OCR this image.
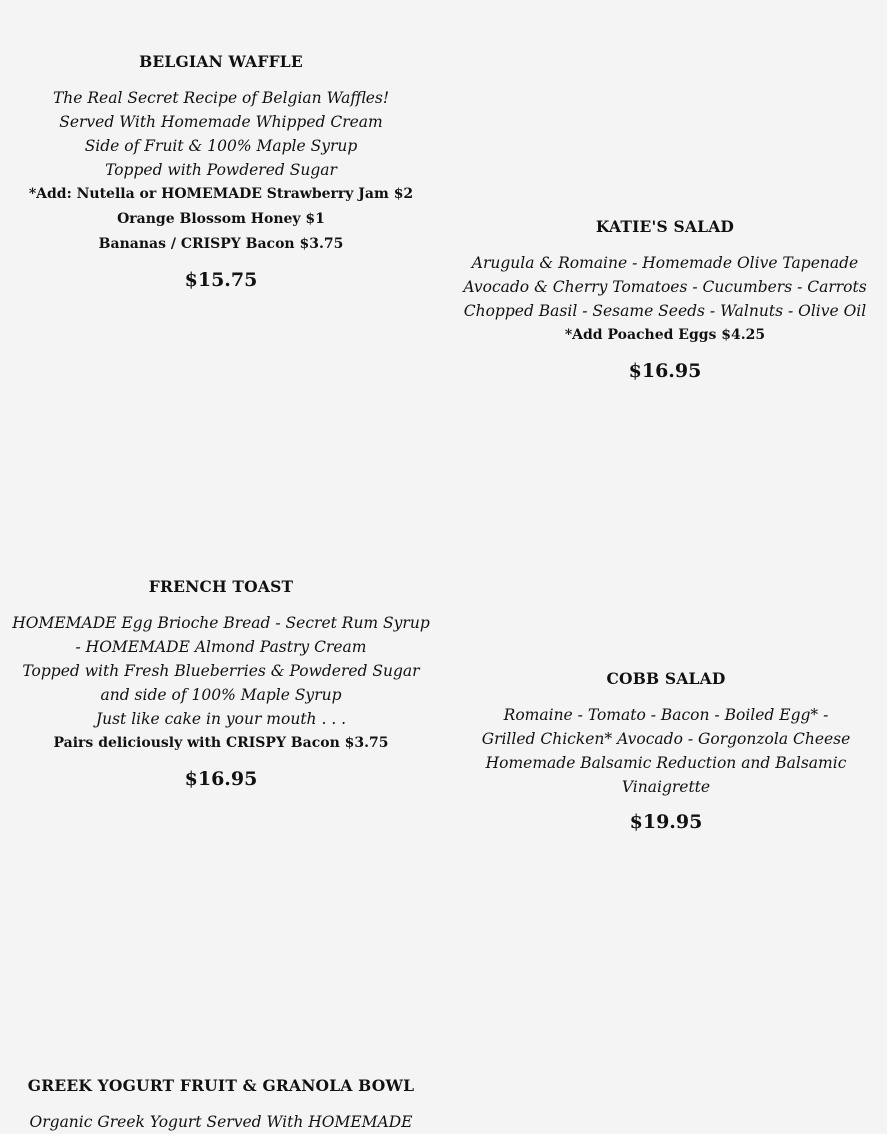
BELGIAN WAFFLE
The Real Secret Recipe of Belgian Waffles!
Served With Homemade Whipped Cream
Side of Fruit & 100% Maple Syrup
Topped with Powdered Sugar
*Add: Nutella or HOMEMADE Strawberry Jam $2
Orange Blossom Honey $1
Bananas / CRISPY Bacon $3.75
$15.75
KATIE'S SALAD
Arugula & Romaine - Homemade Olive Tapenade
Avocado & Cherry Tomatoes - Cucumbers - Carrots
Chopped Basil - Sesame Seeds - Walnuts - Olive Oil
*Add Poached Eggs $4.25
$16.95
FRENCH TOAST
HOMEMADE Egg Brioche Bread - Secret Rum Syrup
- HOMEMADE Almond Pastry Cream
Topped with Fresh Blueberries & Powdered Sugar
and side of 100% Maple Syrup
Just like cake in your mouth . . .
Pairs deliciously with CRISPY Bacon $3.75
$16.95
COBB SALAD
Romaine - Tomato - Bacon - Boiled Egg* - Grilled Chicken* Avocado - Gorgonzola Cheese Homemade Balsamic Reduction and Balsamic Vinaigrette
$19.95
GREEK YOGURT FRUIT & GRANOLA BOWL
Organic Greek Yogurt Served With HOMEMADE
